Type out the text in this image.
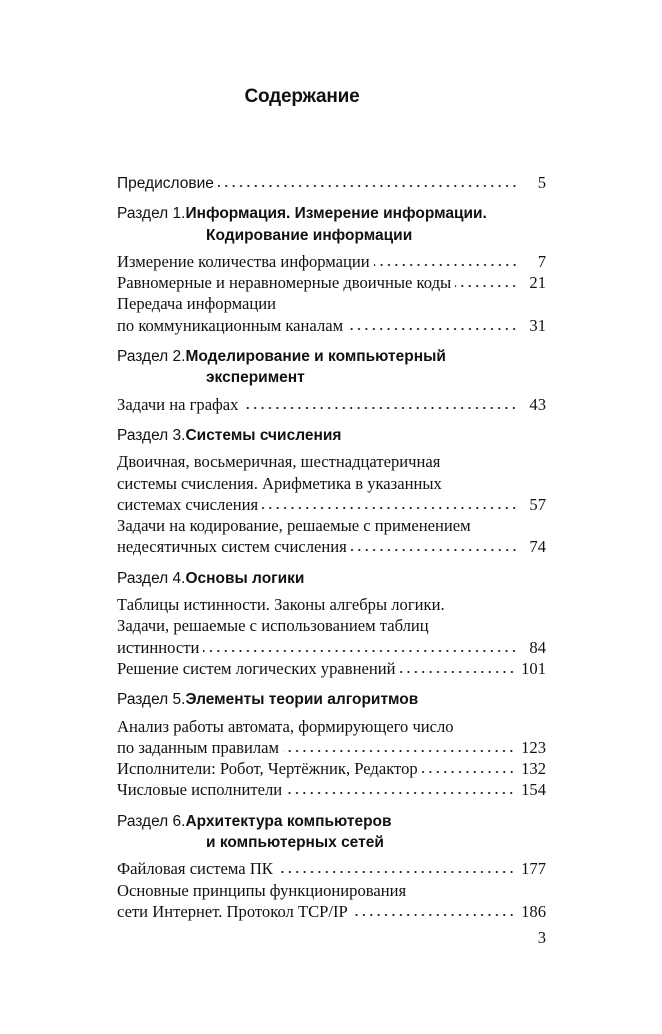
Содержание
Предисловие	5
Раздел 1. Информация. Измерение информации.
Кодирование информации
Измерение количества информации	7
Равномерные и неравномерные двоичные коды	21
Передача информации
по коммуникационным каналам	31
Раздел 2. Моделирование и компьютерный
эксперимент
Задачи на графах	43
Раздел 3. Системы счисления
Двоичная, восьмеричная, шестнадцатеричная
системы счисления. Арифметика в указанных
системах счисления	57
Задачи на кодирование, решаемые с применением
недесятичных систем счисления	74
Раздел 4. Основы логики
Таблицы истинности. Законы алгебры логики.
Задачи, решаемые с использованием таблиц
истинности	84
Решение систем логических уравнений	101
Раздел 5. Элементы теории алгоритмов
Анализ работы автомата, формирующего число
по заданным правилам	123
Исполнители: Робот, Чертёжник, Редактор	132
Числовые исполнители	154
Раздел 6. Архитектура компьютеров
и компьютерных сетей
Файловая система ПК	177
Основные принципы функционирования
сети Интернет. Протокол TCP/IP	186
3
